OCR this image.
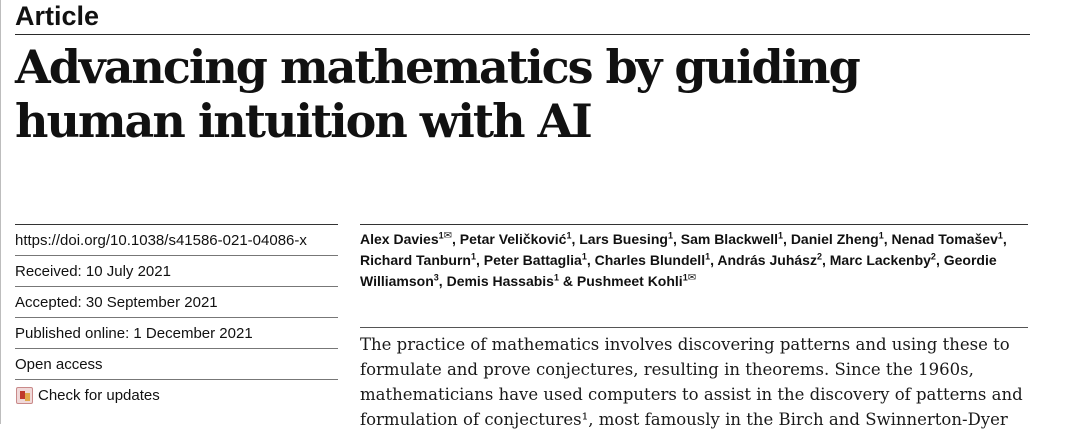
Article
Advancing mathematics by guiding human intuition with AI
https://doi.org/10.1038/s41586-021-04086-x
Received: 10 July 2021
Accepted: 30 September 2021
Published online: 1 December 2021
Open access
Check for updates
Alex Davies$^{1✉}$, Petar Veličković$^1$, Lars Buesing$^1$, Sam Blackwell$^1$, Daniel Zheng$^1$, Nenad Tomašev$^1$, Richard Tanburn$^1$, Peter Battaglia$^1$, Charles Blundell$^1$, András Juhász$^2$, Marc Lackenby$^2$, Geordie Williamson$^3$, Demis Hassabis$^1$ & Pushmeet Kohli$^{1✉}$

The practice of mathematics involves discovering patterns and using these to
formulate and prove conjectures, resulting in theorems. Since the 1960s,
mathematicians have used computers to assist in the discovery of patterns and
formulation of conjectures¹, most famously in the Birch and Swinnerton-Dyer
